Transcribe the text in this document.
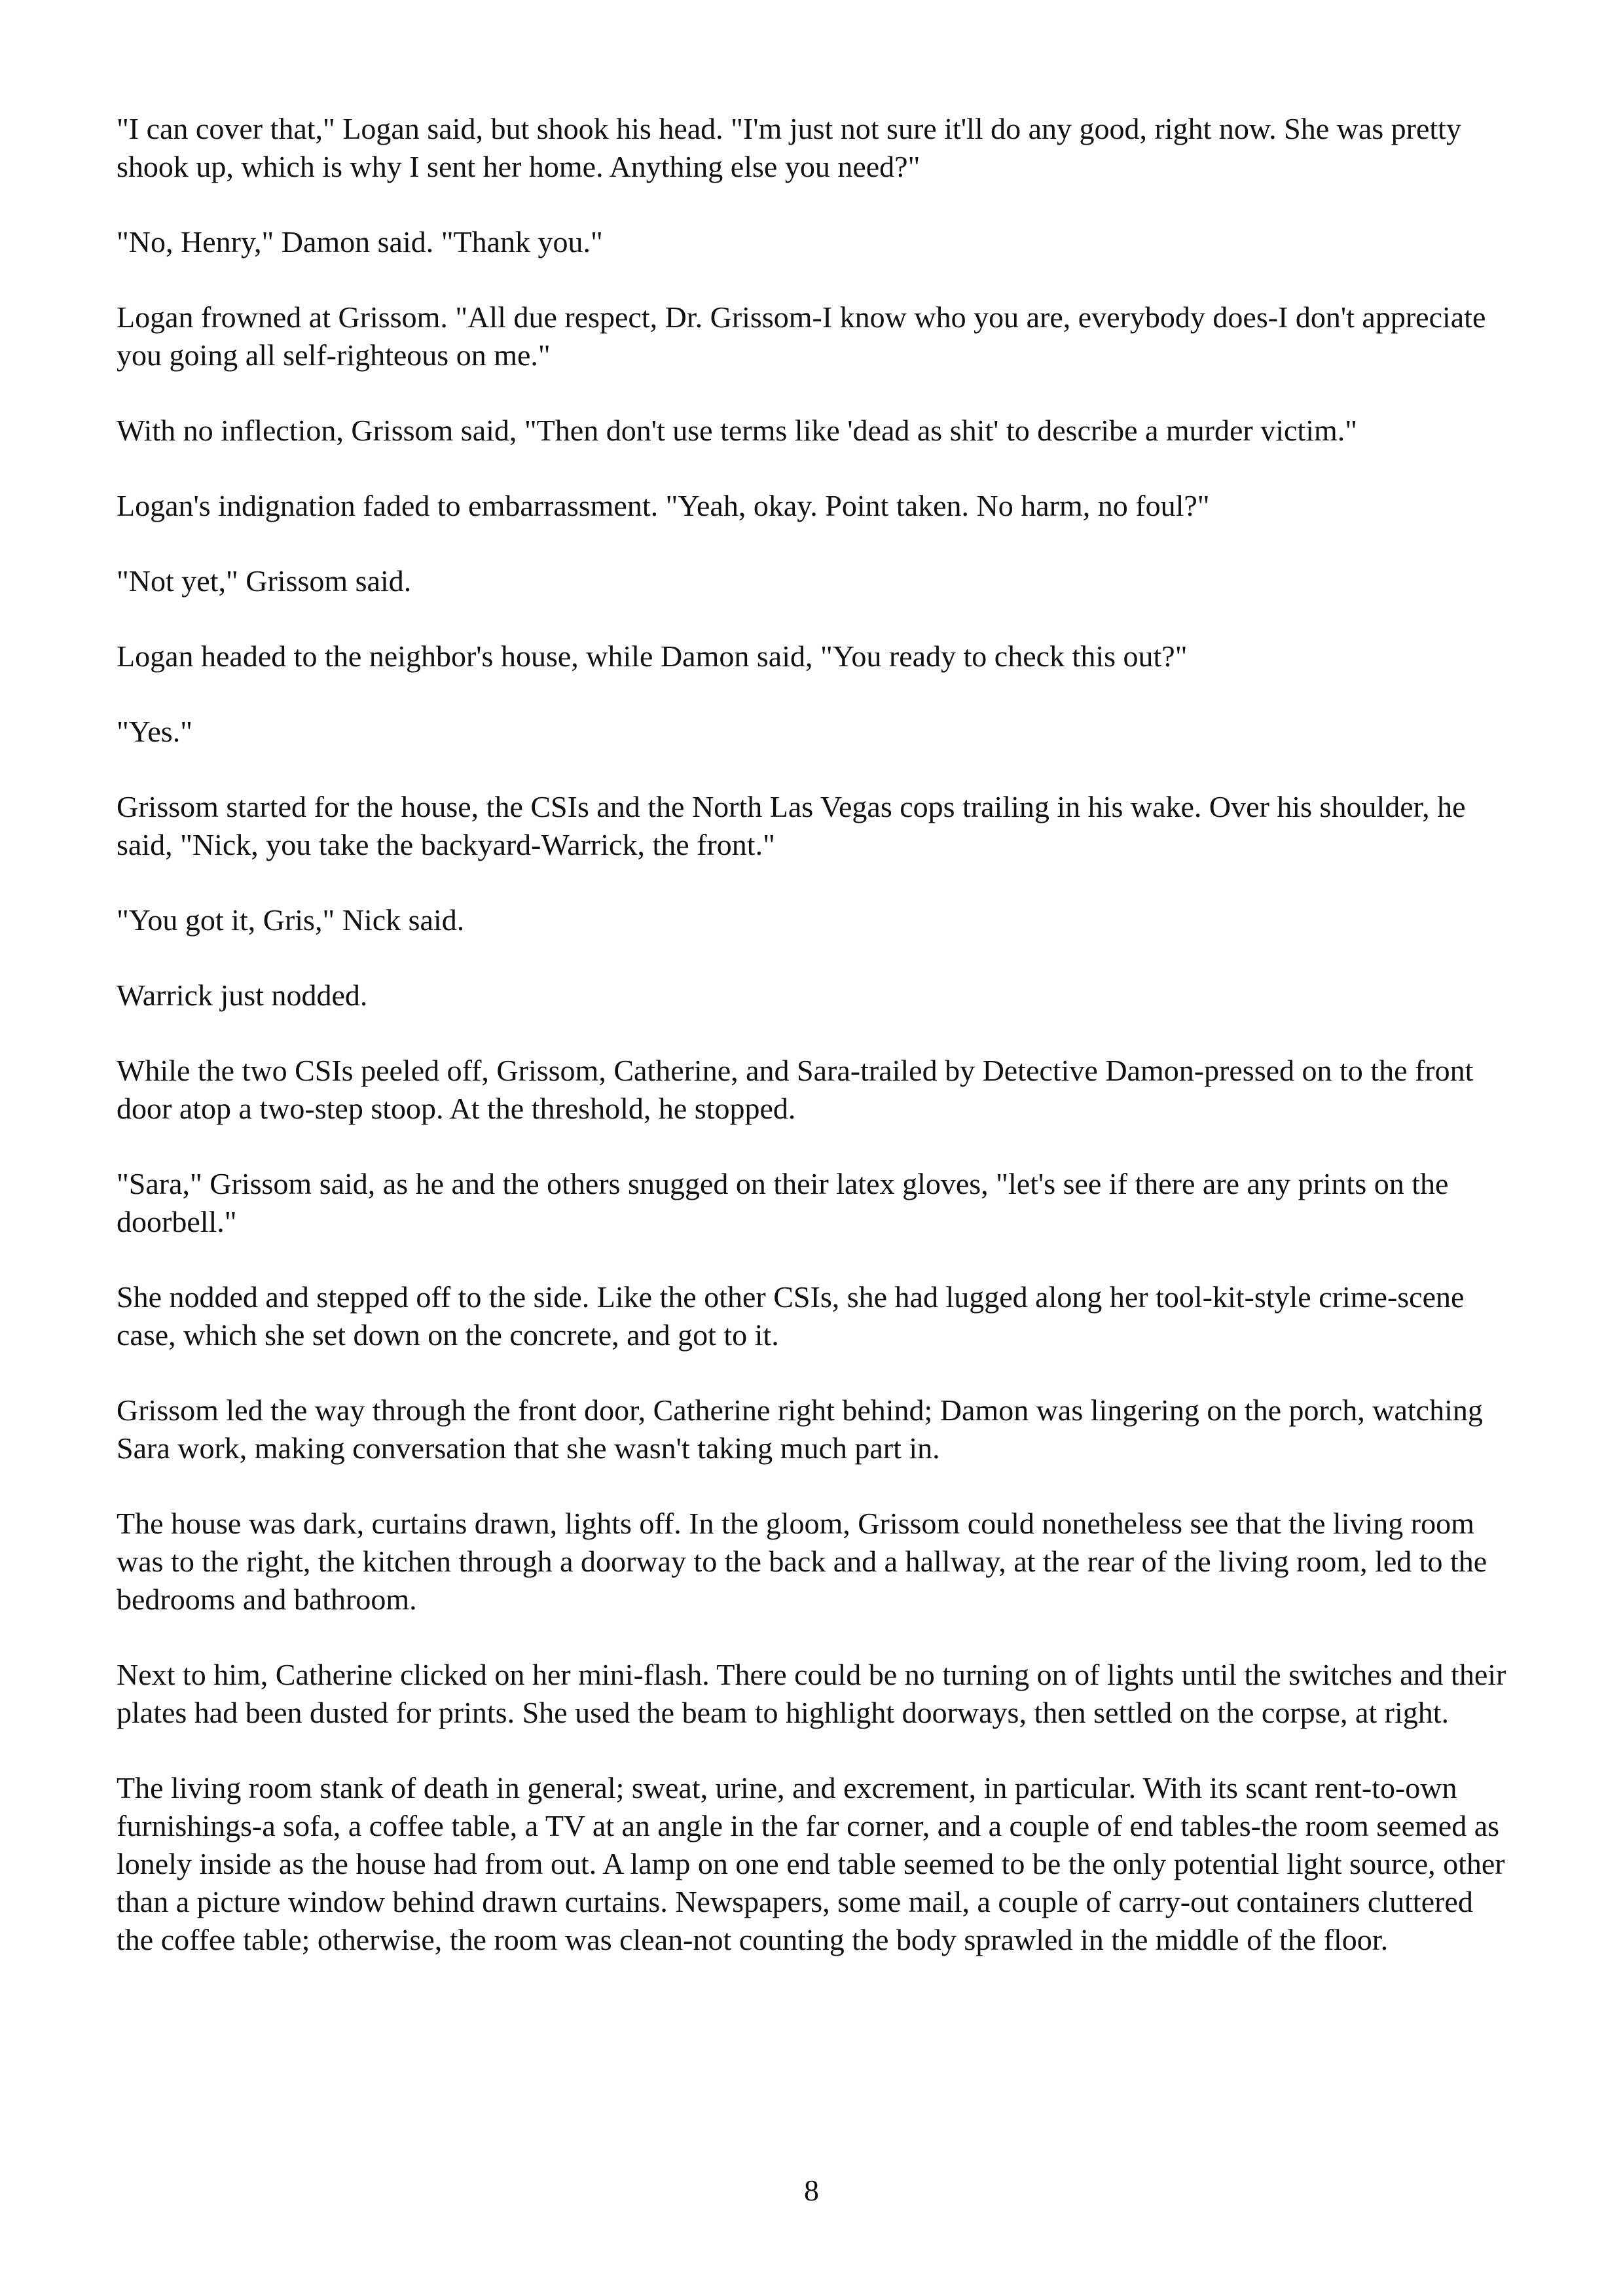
"I can cover that," Logan said, but shook his head. "I'm just not sure it'll do any good, right now. She was pretty shook up, which is why I sent her home. Anything else you need?"

"No, Henry," Damon said. "Thank you."

Logan frowned at Grissom. "All due respect, Dr. Grissom-I know who you are, everybody does-I don't appreciate you going all self-righteous on me."

With no inflection, Grissom said, "Then don't use terms like 'dead as shit' to describe a murder victim."

Logan's indignation faded to embarrassment. "Yeah, okay. Point taken. No harm, no foul?"

"Not yet," Grissom said.

Logan headed to the neighbor's house, while Damon said, "You ready to check this out?"

"Yes."

Grissom started for the house, the CSIs and the North Las Vegas cops trailing in his wake. Over his shoulder, he said, "Nick, you take the backyard-Warrick, the front."

"You got it, Gris," Nick said.

Warrick just nodded.

While the two CSIs peeled off, Grissom, Catherine, and Sara-trailed by Detective Damon-pressed on to the front door atop a two-step stoop. At the threshold, he stopped.

"Sara," Grissom said, as he and the others snugged on their latex gloves, "let's see if there are any prints on the doorbell."

She nodded and stepped off to the side. Like the other CSIs, she had lugged along her tool-kit-style crime-scene case, which she set down on the concrete, and got to it.

Grissom led the way through the front door, Catherine right behind; Damon was lingering on the porch, watching Sara work, making conversation that she wasn't taking much part in.

The house was dark, curtains drawn, lights off. In the gloom, Grissom could nonetheless see that the living room was to the right, the kitchen through a doorway to the back and a hallway, at the rear of the living room, led to the bedrooms and bathroom.

Next to him, Catherine clicked on her mini-flash. There could be no turning on of lights until the switches and their plates had been dusted for prints. She used the beam to highlight doorways, then settled on the corpse, at right.

The living room stank of death in general; sweat, urine, and excrement, in particular. With its scant rent-to-own furnishings-a sofa, a coffee table, a TV at an angle in the far corner, and a couple of end tables-the room seemed as lonely inside as the house had from out. A lamp on one end table seemed to be the only potential light source, other than a picture window behind drawn curtains. Newspapers, some mail, a couple of carry-out containers cluttered the coffee table; otherwise, the room was clean-not counting the body sprawled in the middle of the floor.

8
